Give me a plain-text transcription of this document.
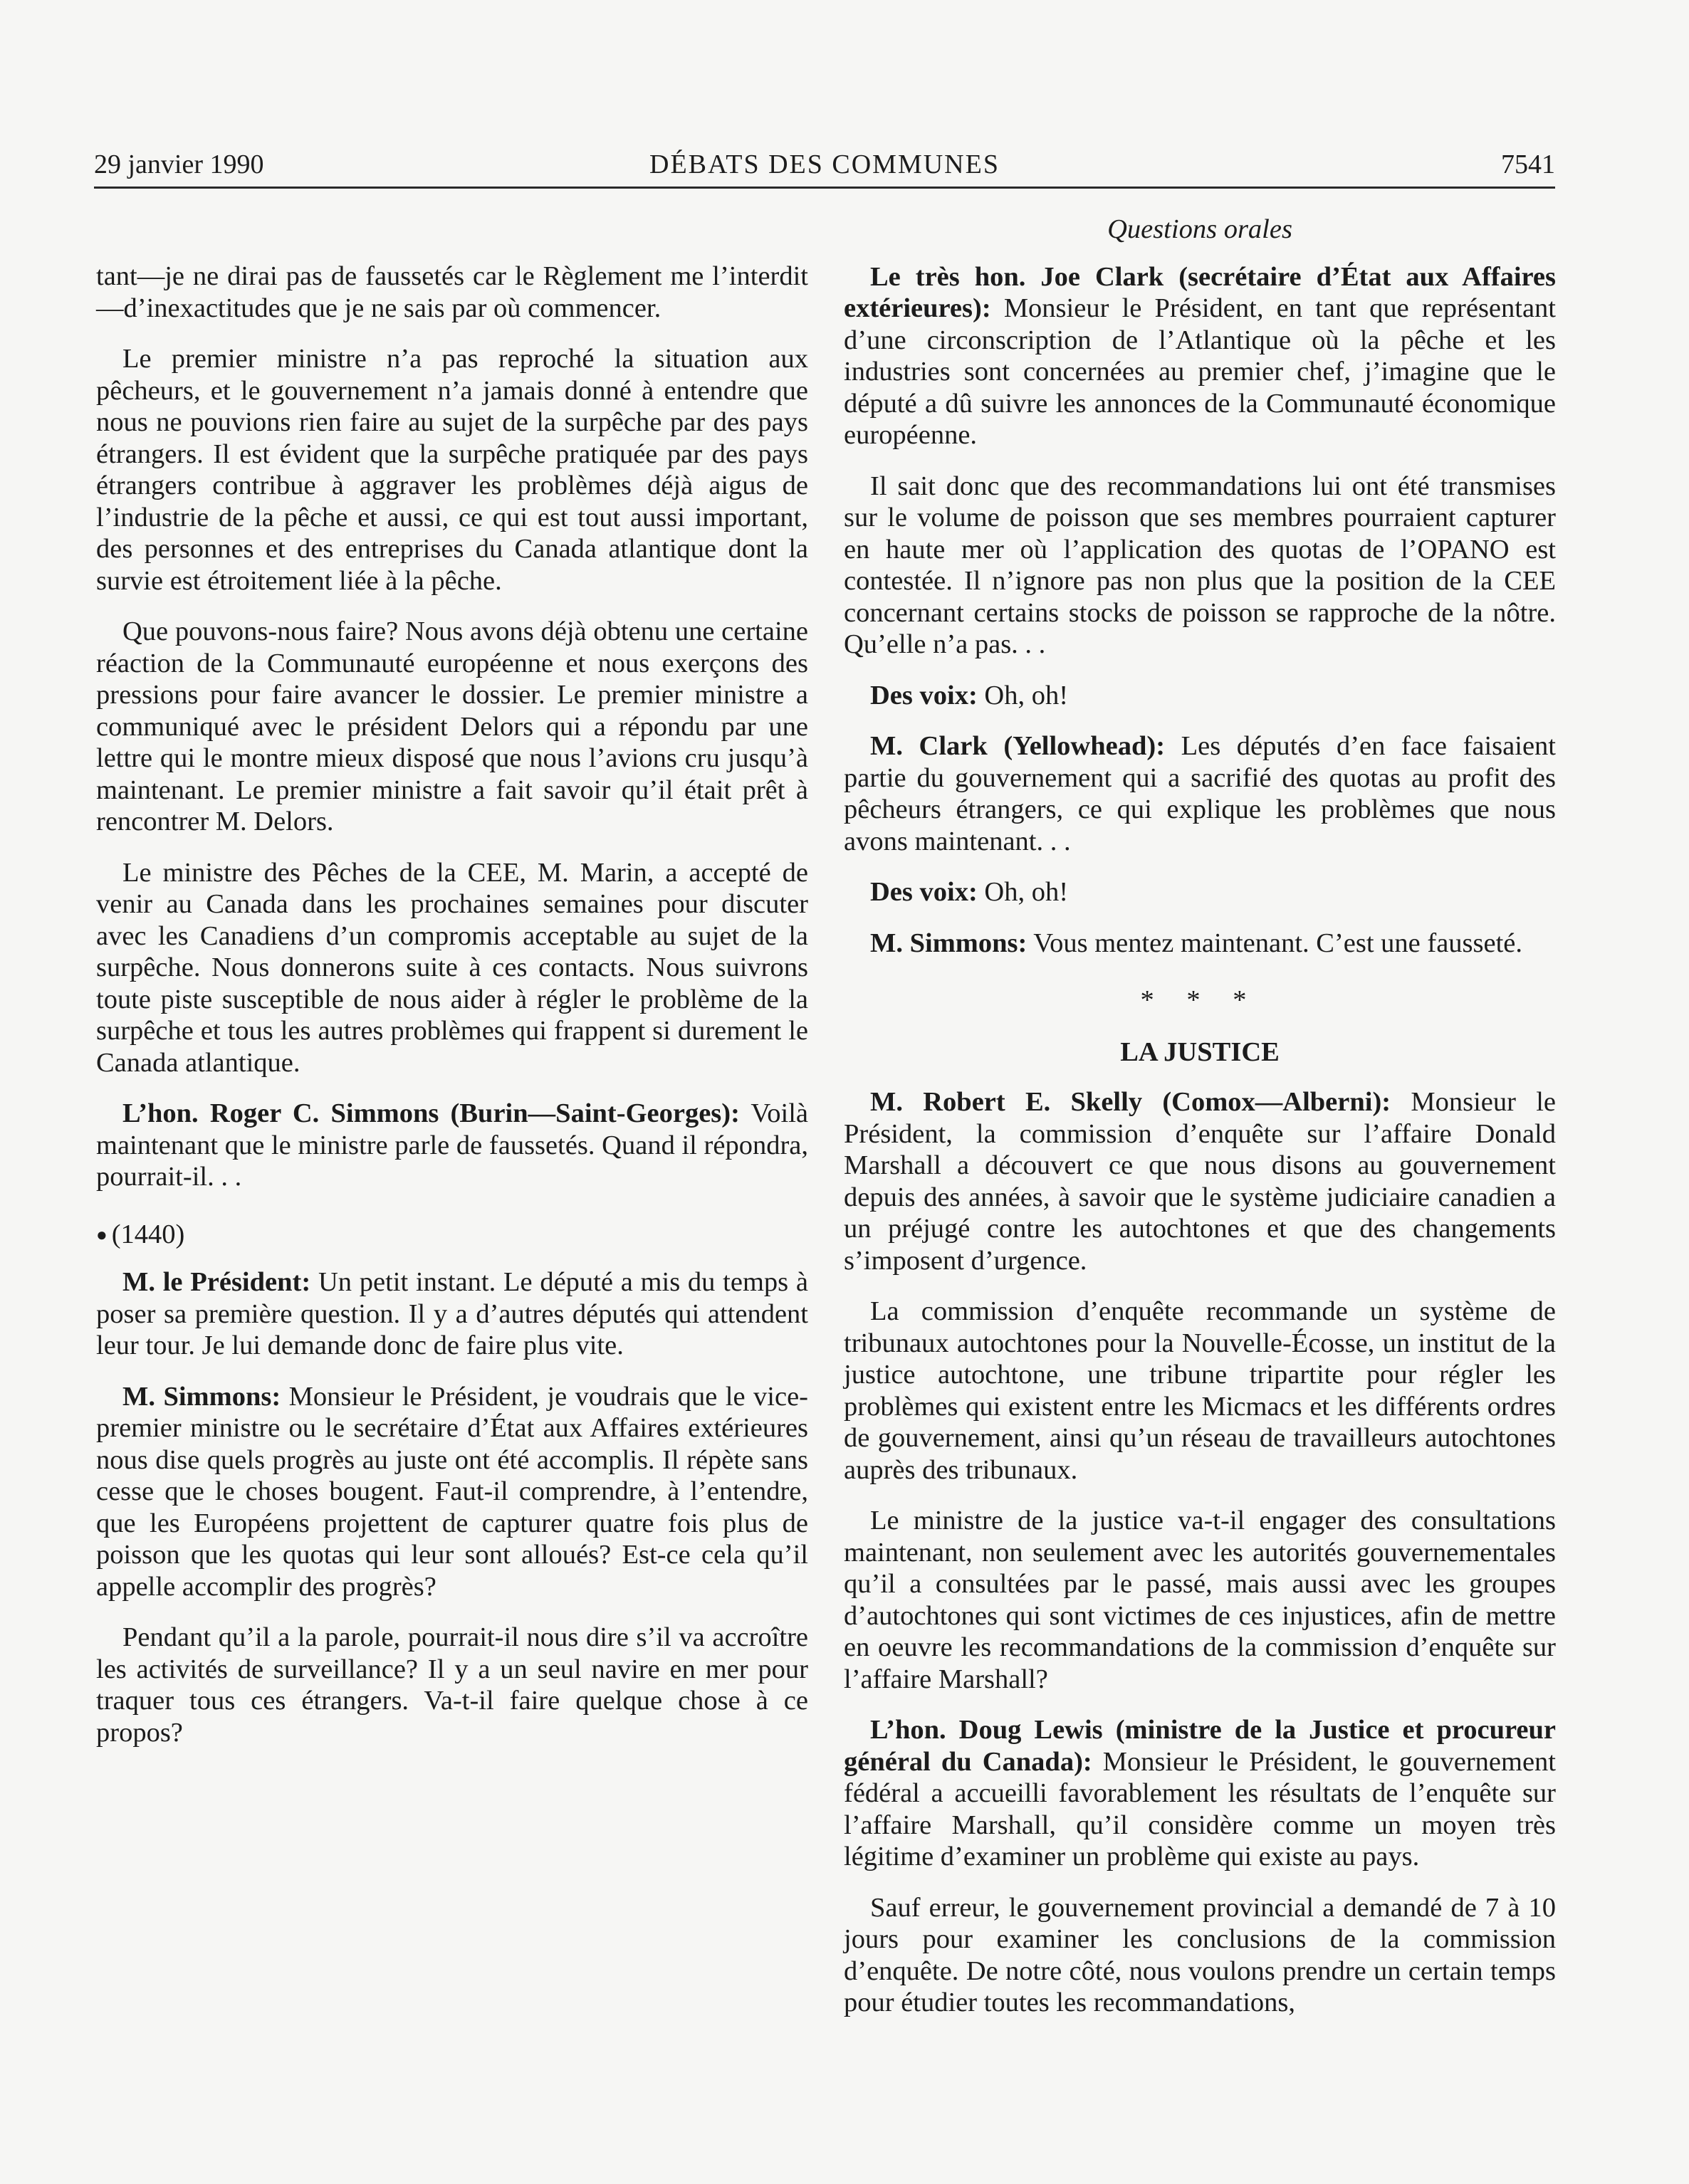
29 janvier 1990	DÉBATS DES COMMUNES	7541

tant—je ne dirai pas de faussetés car le Règlement me l’interdit—d’inexactitudes que je ne sais par où commencer.

Le premier ministre n’a pas reproché la situation aux pêcheurs, et le gouvernement n’a jamais donné à entendre que nous ne pouvions rien faire au sujet de la surpêche par des pays étrangers. Il est évident que la surpêche pratiquée par des pays étrangers contribue à aggraver les problèmes déjà aigus de l’industrie de la pêche et aussi, ce qui est tout aussi important, des personnes et des entreprises du Canada atlantique dont la survie est étroitement liée à la pêche.

Que pouvons-nous faire? Nous avons déjà obtenu une certaine réaction de la Communauté européenne et nous exerçons des pressions pour faire avancer le dossier. Le premier ministre a communiqué avec le président Delors qui a répondu par une lettre qui le montre mieux disposé que nous l’avions cru jusqu’à maintenant. Le premier ministre a fait savoir qu’il était prêt à rencontrer M. Delors.

Le ministre des Pêches de la CEE, M. Marin, a accepté de venir au Canada dans les prochaines semaines pour discuter avec les Canadiens d’un compromis acceptable au sujet de la surpêche. Nous donnerons suite à ces contacts. Nous suivrons toute piste susceptible de nous aider à régler le problème de la surpêche et tous les autres problèmes qui frappent si durement le Canada atlantique.

L’hon. Roger C. Simmons (Burin—Saint-Georges): Voilà maintenant que le ministre parle de faussetés. Quand il répondra, pourrait-il. . .

● (1440)

M. le Président: Un petit instant. Le député a mis du temps à poser sa première question. Il y a d’autres députés qui attendent leur tour. Je lui demande donc de faire plus vite.

M. Simmons: Monsieur le Président, je voudrais que le vice-premier ministre ou le secrétaire d’État aux Affaires extérieures nous dise quels progrès au juste ont été accomplis. Il répète sans cesse que le choses bougent. Faut-il comprendre, à l’entendre, que les Européens projettent de capturer quatre fois plus de poisson que les quotas qui leur sont alloués? Est-ce cela qu’il appelle accomplir des progrès?

Pendant qu’il a la parole, pourrait-il nous dire s’il va accroître les activités de surveillance? Il y a un seul navire en mer pour traquer tous ces étrangers. Va-t-il faire quelque chose à ce propos?

Questions orales

Le très hon. Joe Clark (secrétaire d’État aux Affaires extérieures): Monsieur le Président, en tant que représentant d’une circonscription de l’Atlantique où la pêche et les industries sont concernées au premier chef, j’imagine que le député a dû suivre les annonces de la Communauté économique européenne.

Il sait donc que des recommandations lui ont été transmises sur le volume de poisson que ses membres pourraient capturer en haute mer où l’application des quotas de l’OPANO est contestée. Il n’ignore pas non plus que la position de la CEE concernant certains stocks de poisson se rapproche de la nôtre. Qu’elle n’a pas. . .

Des voix: Oh, oh!

M. Clark (Yellowhead): Les députés d’en face faisaient partie du gouvernement qui a sacrifié des quotas au profit des pêcheurs étrangers, ce qui explique les problèmes que nous avons maintenant. . .

Des voix: Oh, oh!

M. Simmons: Vous mentez maintenant. C’est une fausseté.

* * *
LA JUSTICE

M. Robert E. Skelly (Comox—Alberni): Monsieur le Président, la commission d’enquête sur l’affaire Donald Marshall a découvert ce que nous disons au gouvernement depuis des années, à savoir que le système judiciaire canadien a un préjugé contre les autochtones et que des changements s’imposent d’urgence.

La commission d’enquête recommande un système de tribunaux autochtones pour la Nouvelle-Écosse, un institut de la justice autochtone, une tribune tripartite pour régler les problèmes qui existent entre les Micmacs et les différents ordres de gouvernement, ainsi qu’un réseau de travailleurs autochtones auprès des tribunaux.

Le ministre de la justice va-t-il engager des consultations maintenant, non seulement avec les autorités gouvernementales qu’il a consultées par le passé, mais aussi avec les groupes d’autochtones qui sont victimes de ces injustices, afin de mettre en oeuvre les recommandations de la commission d’enquête sur l’affaire Marshall?

L’hon. Doug Lewis (ministre de la Justice et procureur général du Canada): Monsieur le Président, le gouvernement fédéral a accueilli favorablement les résultats de l’enquête sur l’affaire Marshall, qu’il considère comme un moyen très légitime d’examiner un problème qui existe au pays.

Sauf erreur, le gouvernement provincial a demandé de 7 à 10 jours pour examiner les conclusions de la commission d’enquête. De notre côté, nous voulons prendre un certain temps pour étudier toutes les recommandations,
